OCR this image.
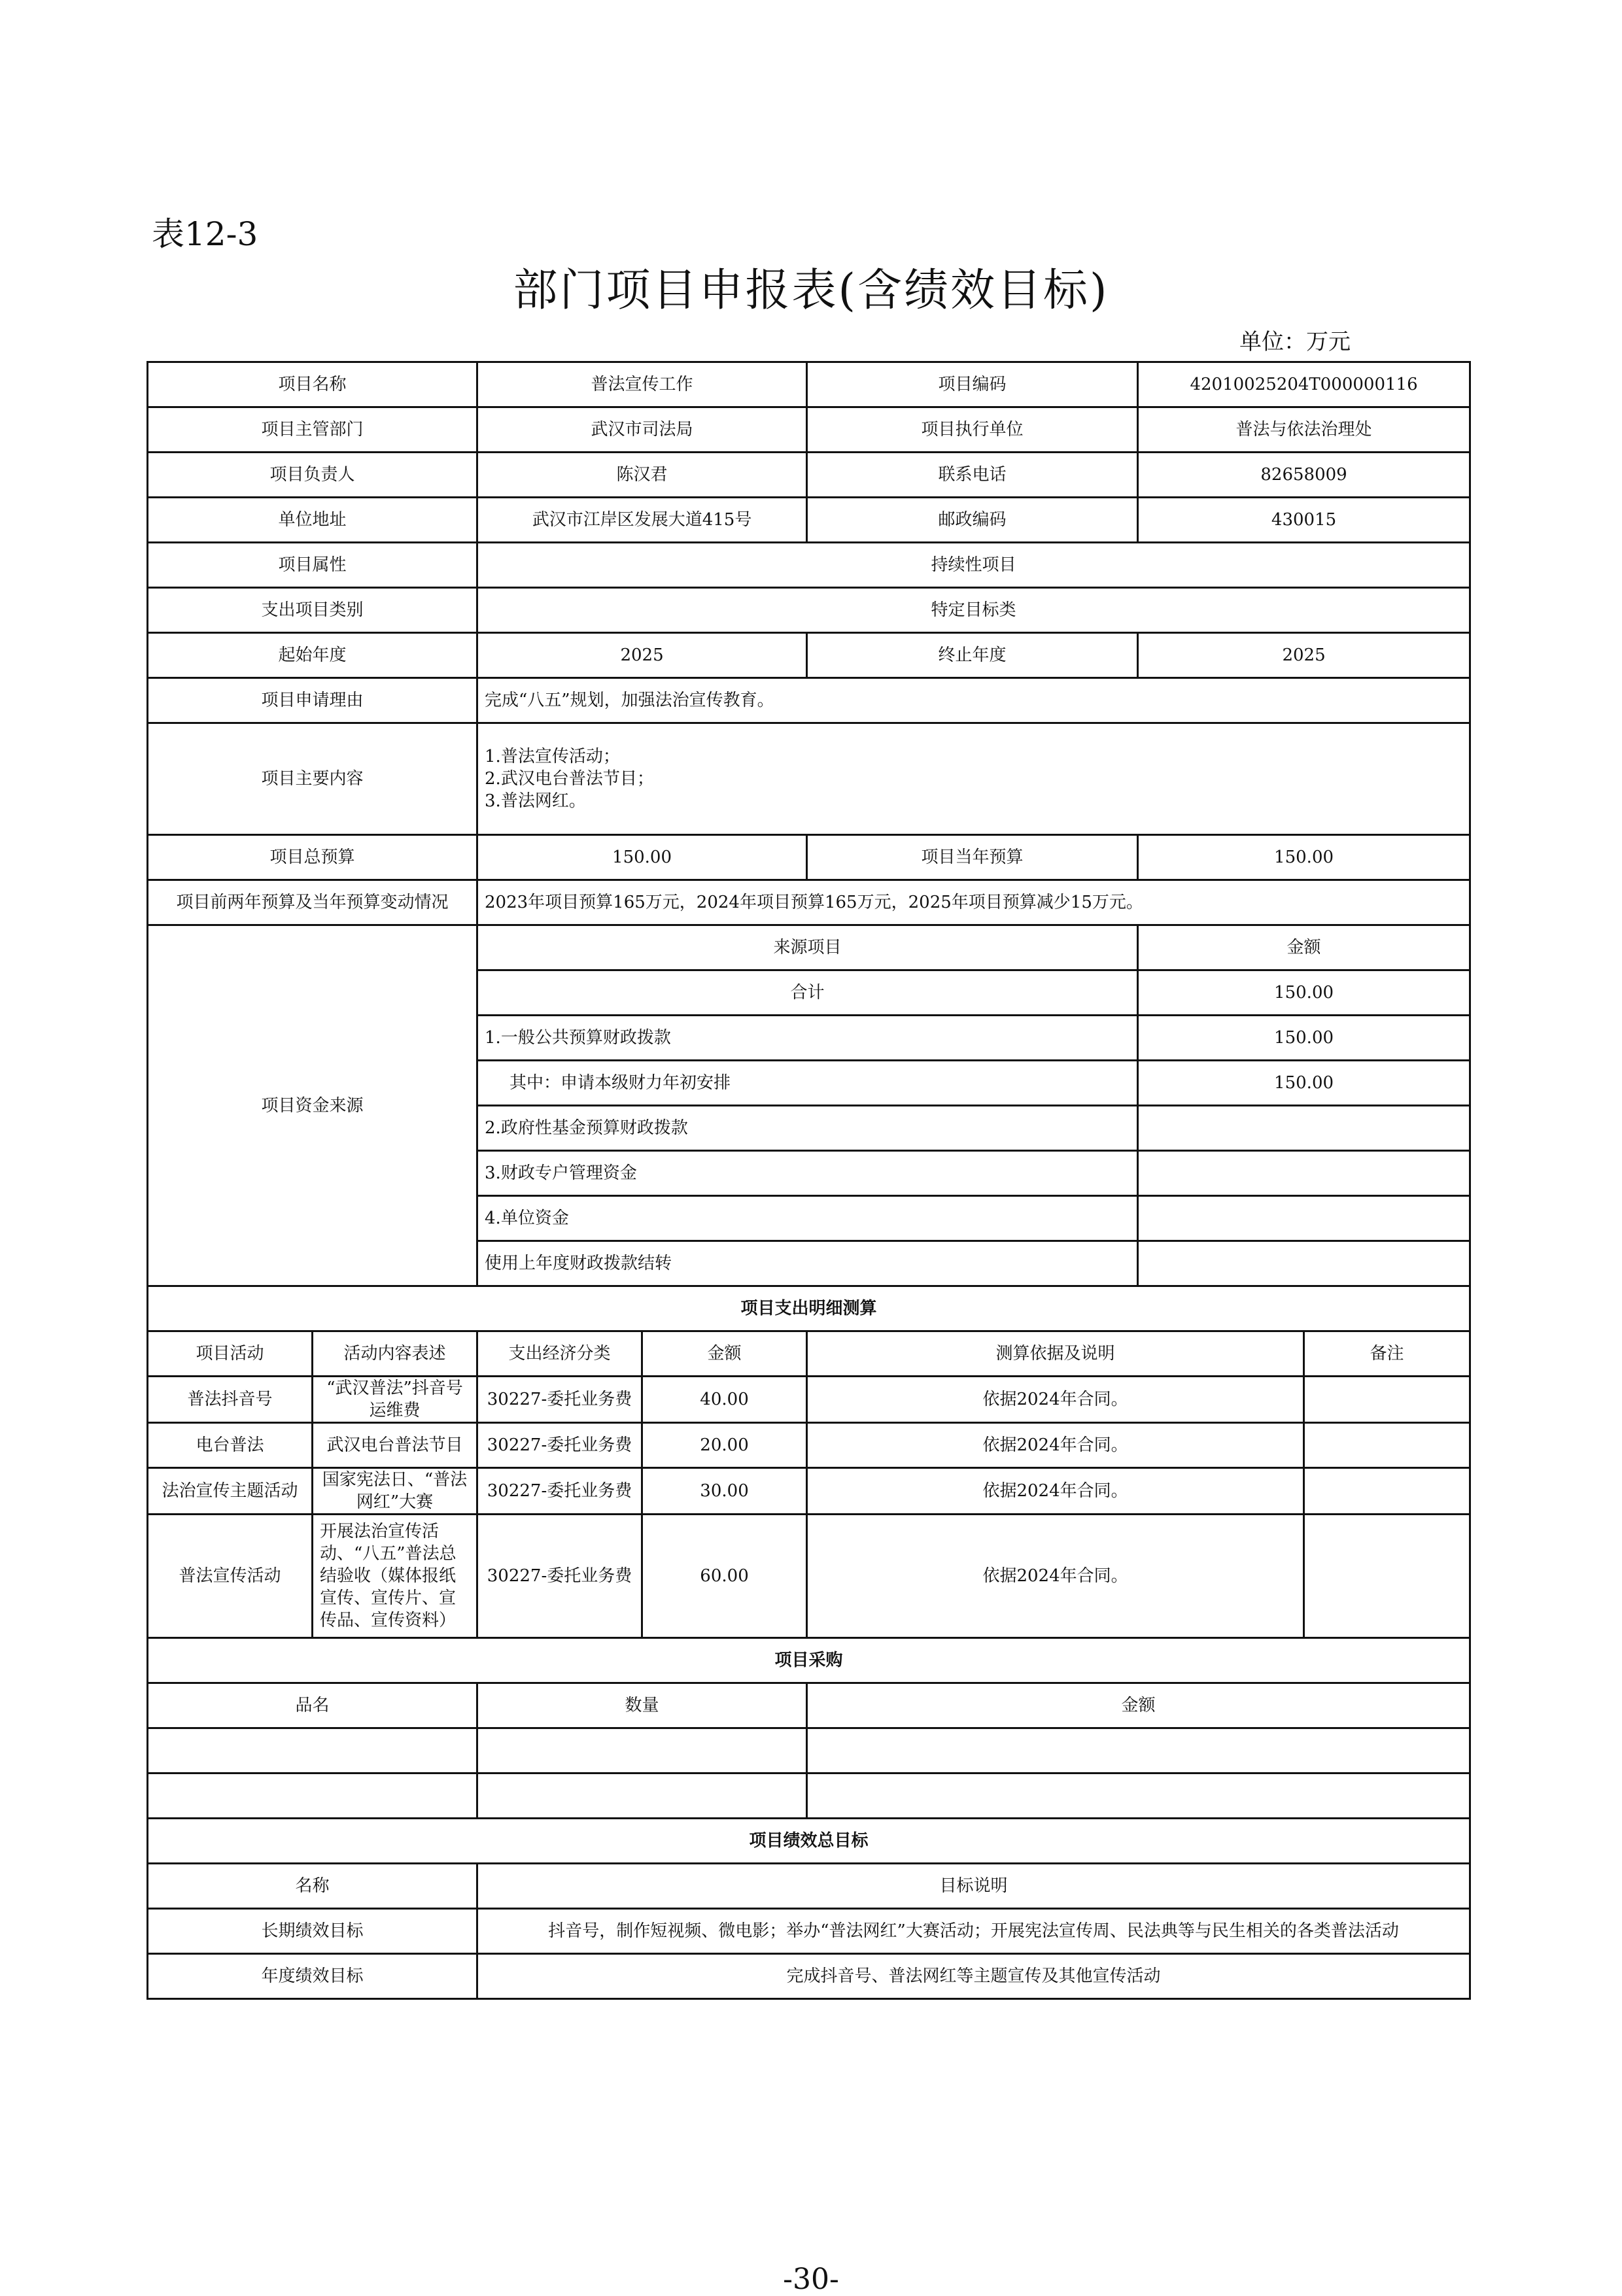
表12-3
部门项目申报表(含绩效目标)
单位：万元
项目名称		普法宣传工作		项目编码	42010025204T000000116	
项目主管部门		武汉市司法局		项目执行单位	普法与依法治理处	
项目负责人		陈汉君		联系电话	82658009	
单位地址		武汉市江岸区发展大道415号		邮政编码	430015	
项目属性		持续性项目				
支出项目类别		特定目标类				
起始年度		2025		终止年度	2025	
项目申请理由		完成“八五”规划，加强法治宣传教育。				
项目主要内容		1.普法宣传活动；
2.武汉电台普法节目；
3.普法网红。				

项目总预算		150.00		项目当年预算	150.00	
项目前两年预算及当年预算变动情况		2023年项目预算165万元，2024年项目预算165万元，2025年项目预算减少15万元。				
项目资金来源		来源项目			金额	
		合计			150.00	
		1.一般公共预算财政拨款			150.00	
		其中：申请本级财力年初安排			150.00	
		2.政府性基金预算财政拨款				
		3.财政专户管理资金				
		4.单位资金				
		使用上年度财政拨款结转				
项目支出明细测算						
项目活动	活动内容表述	支出经济分类	金额	测算依据及说明		备注
普法抖音号	“武汉普法”抖音号运维费	30227-委托业务费	40.00	依据2024年合同。		
电台普法	武汉电台普法节目	30227-委托业务费	20.00	依据2024年合同。		
法治宣传主题活动	国家宪法日、“普法网红”大赛	30227-委托业务费	30.00	依据2024年合同。		
普法宣传活动	开展法治宣传活动、“八五”普法总结验收（媒体报纸宣传、宣传片、宣传品、宣传资料）	30227-委托业务费	60.00	依据2024年合同。		
项目采购						
品名		数量		金额		

项目绩效总目标						
名称		目标说明				
长期绩效目标		抖音号，制作短视频、微电影；举办“普法网红”大赛活动；开展宪法宣传周、民法典等与民生相关的各类普法活动				
年度绩效目标		完成抖音号、普法网红等主题宣传及其他宣传活动				
-30-
